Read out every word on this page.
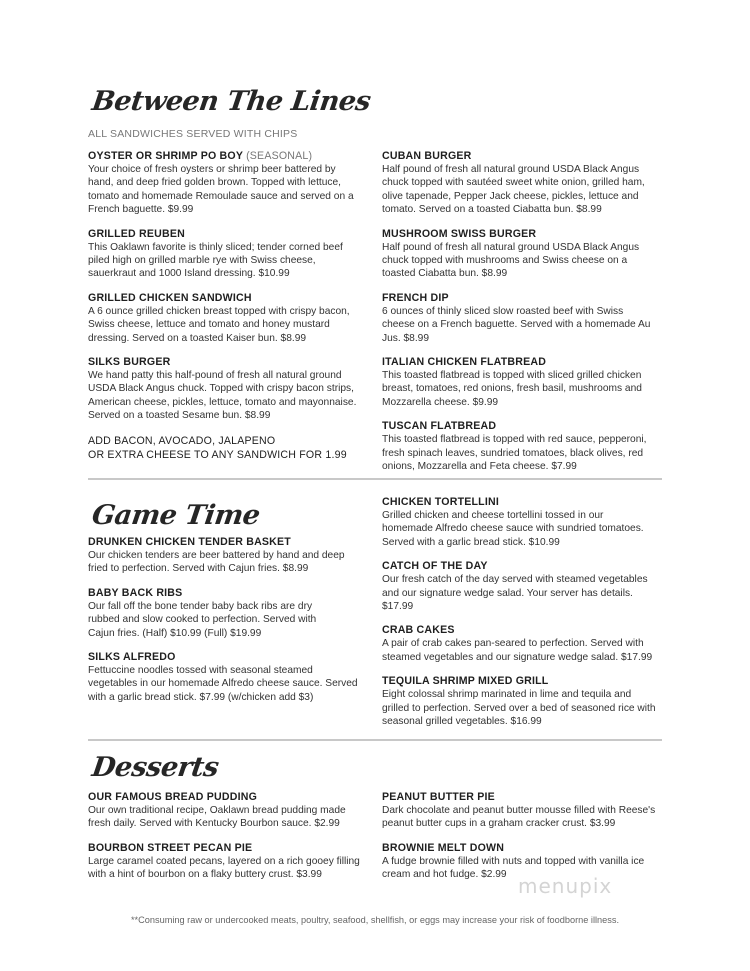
Between The Lines
ALL SANDWICHES SERVED WITH CHIPS
OYSTER OR SHRIMP PO BOY (SEASONAL)
Your choice of fresh oysters or shrimp beer battered by hand, and deep fried golden brown. Topped with lettuce, tomato and homemade Remoulade sauce and served on a French baguette. $9.99
GRILLED REUBEN
This Oaklawn favorite is thinly sliced; tender corned beef piled high on grilled marble rye with Swiss cheese, sauerkraut and 1000 Island dressing. $10.99
GRILLED CHICKEN SANDWICH
A 6 ounce grilled chicken breast topped with crispy bacon, Swiss cheese, lettuce and tomato and honey mustard dressing. Served on a toasted Kaiser bun. $8.99
SILKS BURGER
We hand patty this half-pound of fresh all natural ground USDA Black Angus chuck. Topped with crispy bacon strips, American cheese, pickles, lettuce, tomato and mayonnaise. Served on a toasted Sesame bun. $8.99
ADD BACON, AVOCADO, JALAPENO
OR EXTRA CHEESE TO ANY SANDWICH FOR 1.99
CUBAN BURGER
Half pound of fresh all natural ground USDA Black Angus chuck topped with sautéed sweet white onion, grilled ham, olive tapenade, Pepper Jack cheese, pickles, lettuce and tomato. Served on a toasted Ciabatta bun. $8.99
MUSHROOM SWISS BURGER
Half pound of fresh all natural ground USDA Black Angus chuck topped with mushrooms and Swiss cheese on a toasted Ciabatta bun. $8.99
FRENCH DIP
6 ounces of thinly sliced slow roasted beef with Swiss cheese on a French baguette. Served with a homemade Au Jus. $8.99
ITALIAN CHICKEN FLATBREAD
This toasted flatbread is topped with sliced grilled chicken breast, tomatoes, red onions, fresh basil, mushrooms and Mozzarella cheese. $9.99
TUSCAN FLATBREAD
This toasted flatbread is topped with red sauce, pepperoni, fresh spinach leaves, sundried tomatoes, black olives, red onions, Mozzarella and Feta cheese. $7.99
Game Time
DRUNKEN CHICKEN TENDER BASKET
Our chicken tenders are beer battered by hand and deep fried to perfection. Served with Cajun fries. $8.99
BABY BACK RIBS
Our fall off the bone tender baby back ribs are dry rubbed and slow cooked to perfection. Served with Cajun fries. (Half) $10.99 (Full) $19.99
SILKS ALFREDO
Fettuccine noodles tossed with seasonal steamed vegetables in our homemade Alfredo cheese sauce. Served with a garlic bread stick. $7.99 (w/chicken add $3)
CHICKEN TORTELLINI
Grilled chicken and cheese tortellini tossed in our homemade Alfredo cheese sauce with sundried tomatoes. Served with a garlic bread stick. $10.99
CATCH OF THE DAY
Our fresh catch of the day served with steamed vegetables and our signature wedge salad. Your server has details. $17.99
CRAB CAKES
A pair of crab cakes pan-seared to perfection. Served with steamed vegetables and our signature wedge salad. $17.99
TEQUILA SHRIMP MIXED GRILL
Eight colossal shrimp marinated in lime and tequila and grilled to perfection. Served over a bed of seasoned rice with seasonal grilled vegetables. $16.99
Desserts
OUR FAMOUS BREAD PUDDING
Our own traditional recipe, Oaklawn bread pudding made fresh daily. Served with Kentucky Bourbon sauce. $2.99
BOURBON STREET PECAN PIE
Large caramel coated pecans, layered on a rich gooey filling with a hint of bourbon on a flaky buttery crust. $3.99
PEANUT BUTTER PIE
Dark chocolate and peanut butter mousse filled with Reese's peanut butter cups in a graham cracker crust. $3.99
BROWNIE MELT DOWN
A fudge brownie filled with nuts and topped with vanilla ice cream and hot fudge. $2.99 menupix
**Consuming raw or undercooked meats, poultry, seafood, shellfish, or eggs may increase your risk of foodborne illness.
